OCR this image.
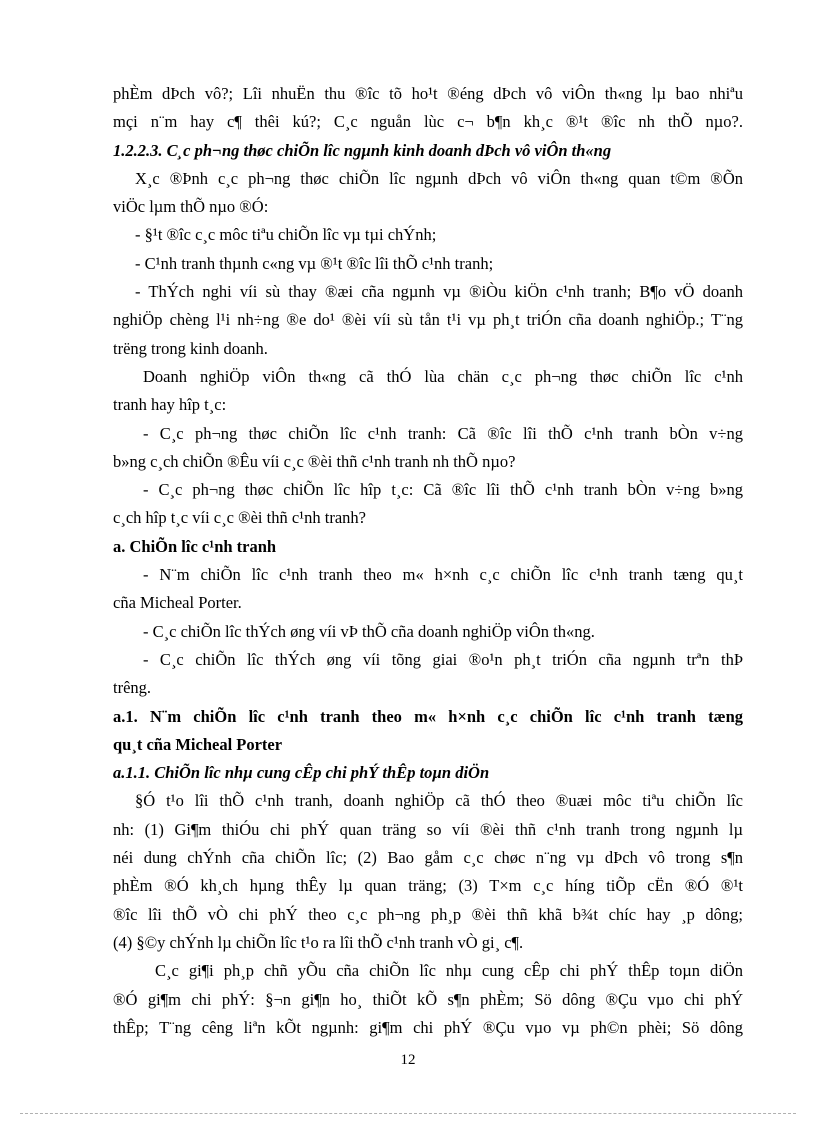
phÈm dÞch vô?; Lîi nhuËn thu ®îc tõ ho¹t ®éng dÞch vô viÔn th«ng lµ bao nhiªu
mçi n¨m hay c¶ thêi kú?; C¸c nguån lùc c¬ b¶n kh¸c ®¹t ®îc nh thÕ nµo?.
1.2.2.3. C¸c ph¬ng thøc chiÕn lîc ngµnh kinh doanh dÞch vô viÔn th«ng
X¸c ®Þnh c¸c ph¬ng thøc chiÕn lîc ngµnh dÞch vô viÔn th«ng quan t©m ®Õn
viÖc lµm thÕ nµo ®Ó:
- §¹t ®îc c¸c môc tiªu chiÕn lîc vµ tµi chÝnh;
- C¹nh tranh thµnh c«ng vµ ®¹t ®îc lîi thÕ c¹nh tranh;
- ThÝch nghi víi sù thay ®æi cña ngµnh vµ ®iÒu kiÖn c¹nh tranh; B¶o vÖ doanh
nghiÖp chèng l¹i nh÷ng ®e do¹ ®èi víi sù tån t¹i vµ ph¸t triÓn cña doanh nghiÖp.; T¨ng
trëng trong kinh doanh.
Doanh nghiÖp viÔn th«ng cã thÓ lùa chän c¸c ph¬ng thøc chiÕn lîc c¹nh
tranh hay hîp t¸c:
- C¸c ph¬ng thøc chiÕn lîc c¹nh tranh: Cã ®îc lîi thÕ c¹nh tranh bÒn v÷ng
b»ng c¸ch chiÕn ®Êu víi c¸c ®èi thñ c¹nh tranh nh thÕ nµo?
- C¸c ph¬ng thøc chiÕn lîc hîp t¸c: Cã ®îc lîi thÕ c¹nh tranh bÒn v÷ng b»ng
c¸ch hîp t¸c víi c¸c ®èi thñ c¹nh tranh?
a. ChiÕn lîc c¹nh tranh
- N¨m chiÕn lîc c¹nh tranh theo m« h×nh c¸c chiÕn lîc c¹nh tranh tæng qu¸t
cña Micheal Porter.
- C¸c chiÕn lîc thÝch øng víi vÞ thÕ cña doanh nghiÖp viÔn th«ng.
- C¸c chiÕn lîc thÝch øng víi tõng giai ®o¹n ph¸t triÓn cña ngµnh trªn thÞ
trêng.
a.1. N¨m chiÕn lîc c¹nh tranh theo m« h×nh c¸c chiÕn lîc c¹nh tranh tæng
qu¸t cña Micheal Porter
a.1.1. ChiÕn lîc nhµ cung cÊp chi phÝ thÊp toµn diÖn
§Ó t¹o lîi thÕ c¹nh tranh, doanh nghiÖp cã thÓ theo ®uæi môc tiªu chiÕn lîc
nh: (1) Gi¶m thiÓu chi phÝ quan träng so víi ®èi thñ c¹nh tranh trong ngµnh lµ
néi dung chÝnh cña chiÕn lîc; (2) Bao gåm c¸c chøc n¨ng vµ dÞch vô trong s¶n
phÈm ®Ó kh¸ch hµng thÊy lµ quan träng; (3) T×m c¸c híng tiÕp cËn ®Ó ®¹t
®îc lîi thÕ vÒ chi phÝ theo c¸c ph¬ng ph¸p ®èi thñ khã b¾t chíc hay ¸p dông;
(4) §©y chÝnh lµ chiÕn lîc t¹o ra lîi thÕ c¹nh tranh vÒ gi¸ c¶.
C¸c gi¶i ph¸p chñ yÕu cña chiÕn lîc nhµ cung cÊp chi phÝ thÊp toµn diÖn
®Ó gi¶m chi phÝ: §¬n gi¶n ho¸ thiÕt kÕ s¶n phÈm; Sö dông ®Çu vµo chi phÝ
thÊp; T¨ng cêng liªn kÕt ngµnh: gi¶m chi phÝ ®Çu vµo vµ ph©n phèi; Sö dông
12
